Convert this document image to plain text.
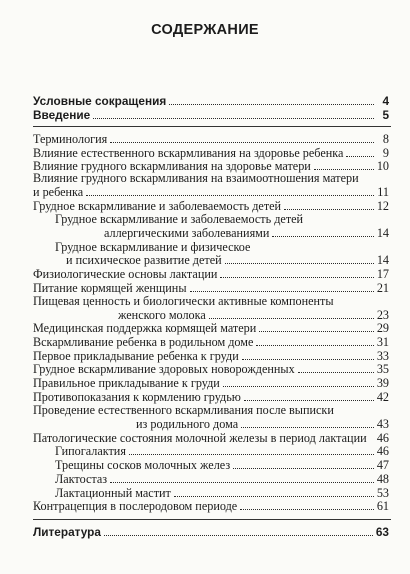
СОДЕРЖАНИЕ
Условные сокращения	4
Введение	5
Терминология	8
Влияние естественного вскармливания на здоровье ребенка	9
Влияние грудного вскармливания на здоровье матери	10
Влияние грудного вскармливания на взаимоотношения матери
и ребенка	11
Грудное вскармливание и заболеваемость детей	12
Грудное вскармливание и заболеваемость детей
аллергическими заболеваниями	14
Грудное вскармливание и физическое
и психическое развитие детей	14
Физиологические основы лактации	17
Питание кормящей женщины	21
Пищевая ценность и биологически активные компоненты
женского молока	23
Медицинская поддержка кормящей матери	29
Вскармливание ребенка в родильном доме	31
Первое прикладывание ребенка к груди	33
Грудное вскармливание здоровых новорожденных	35
Правильное прикладывание к груди	39
Противопоказания к кормлению грудью	42
Проведение естественного вскармливания после выписки
из родильного дома	43
Патологические состояния молочной железы в период лактации 46
Гипогалактия	46
Трещины сосков молочных желез	47
Лактостаз	48
Лактационный мастит	53
Контрацепция в послеродовом периоде	61
Литература	63
